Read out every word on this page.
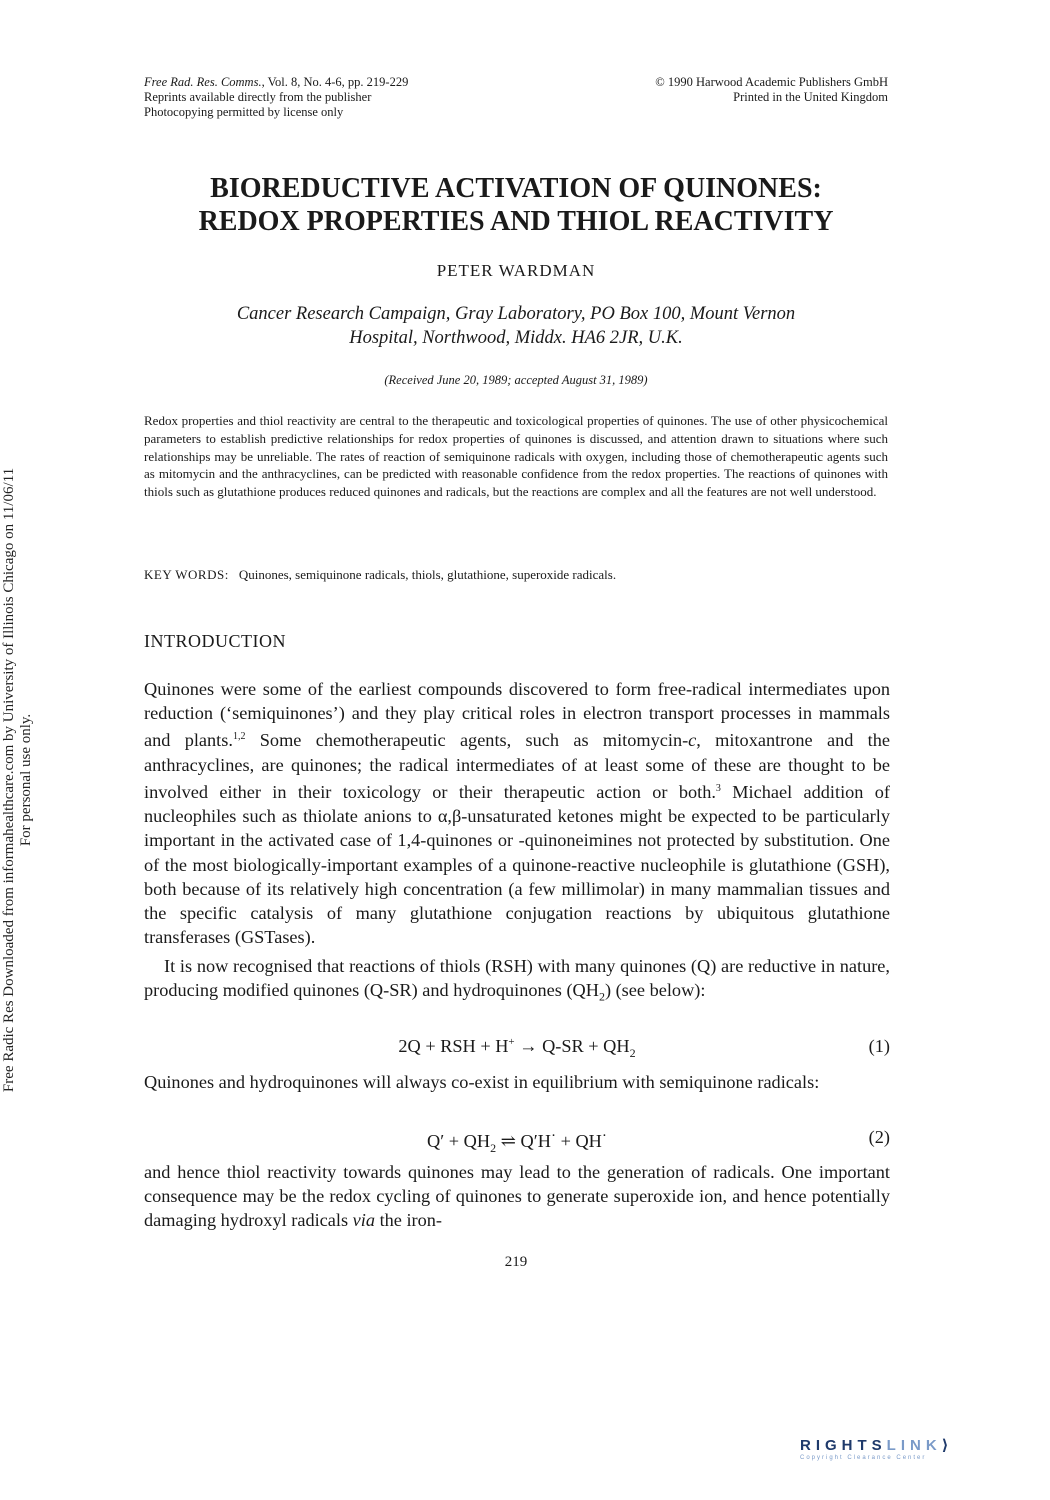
Free Rad. Res. Comms., Vol. 8, No. 4-6, pp. 219-229
Reprints available directly from the publisher
Photocopying permitted by license only
© 1990 Harwood Academic Publishers GmbH
Printed in the United Kingdom
BIOREDUCTIVE ACTIVATION OF QUINONES:
REDOX PROPERTIES AND THIOL REACTIVITY
PETER WARDMAN
Cancer Research Campaign, Gray Laboratory, PO Box 100, Mount Vernon
Hospital, Northwood, Middx. HA6 2JR, U.K.
(Received June 20, 1989; accepted August 31, 1989)
Redox properties and thiol reactivity are central to the therapeutic and toxicological properties of quinones. The use of other physicochemical parameters to establish predictive relationships for redox properties of quinones is discussed, and attention drawn to situations where such relationships may be unreliable. The rates of reaction of semiquinone radicals with oxygen, including those of chemotherapeutic agents such as mitomycin and the anthracyclines, can be predicted with reasonable confidence from the redox properties. The reactions of quinones with thiols such as glutathione produces reduced quinones and radicals, but the reactions are complex and all the features are not well understood.
KEY WORDS: Quinones, semiquinone radicals, thiols, glutathione, superoxide radicals.
INTRODUCTION
Quinones were some of the earliest compounds discovered to form free-radical intermediates upon reduction (‘semiquinones’) and they play critical roles in electron transport processes in mammals and plants.$^{1,2}$ Some chemotherapeutic agents, such as mitomycin-c, mitoxantrone and the anthracyclines, are quinones; the radical intermediates of at least some of these are thought to be involved either in their toxicology or their therapeutic action or both.$^3$ Michael addition of nucleophiles such as thiolate anions to α,β-unsaturated ketones might be expected to be particularly important in the activated case of 1,4-quinones or -quinoneimines not protected by substitution. One of the most biologically-important examples of a quinone-reactive nucleophile is glutathione (GSH), both because of its relatively high concentration (a few millimolar) in many mammalian tissues and the specific catalysis of many glutathione conjugation reactions by ubiquitous glutathione transferases (GSTases).
It is now recognised that reactions of thiols (RSH) with many quinones (Q) are reductive in nature, producing modified quinones (Q-SR) and hydroquinones $(QH_2)$ (see below):
2Q + RSH + $H^+ \to Q-SR + QH_2$	(1)
Quinones and hydroquinones will always co-exist in equilibrium with semiquinone radicals:
$Q' + QH_2$ ⇌ Q′H· + QH·	(2)
and hence thiol reactivity towards quinones may lead to the generation of radicals. One important consequence may be the redox cycling of quinones to generate superoxide ion, and hence potentially damaging hydroxyl radicals via the iron-
219
Free Radic Res Downloaded from informahealthcare.com by University of Illinois Chicago on 11/06/11 For personal use only.
RIGHTSLINK⟩
Copyright Clearance Center
